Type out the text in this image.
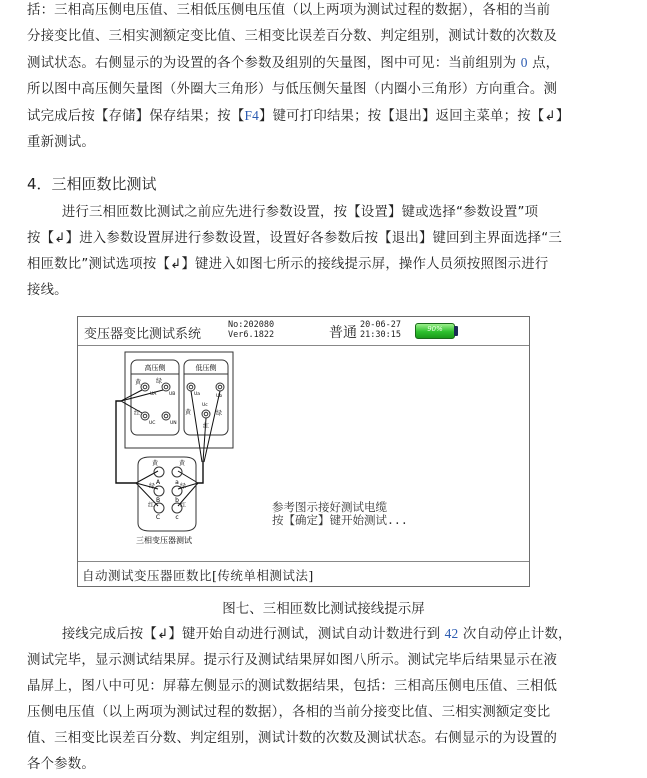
括：三相高压侧电压值、三相低压侧电压值（以上两项为测试过程的数据），各相的当前
分接变比值、三相实测额定变比值、三相变比误差百分数、判定组别，测试计数的次数及
测试状态。右侧显示的为设置的各个参数及组别的矢量图，图中可见：当前组别为 0 点，
所以图中高压侧矢量图（外圈大三角形）与低压侧矢量图（内圈小三角形）方向重合。测
试完成后按【存储】保存结果；按【F4】键可打印结果；按【退出】返回主菜单；按【↲】
重新测试。
4．三相匝数比测试
进行三相匝数比测试之前应先进行参数设置，按【设置】键或选择“参数设置”项
按【↲】进入参数设置屏进行参数设置，设置好各参数后按【退出】键回到主界面选择“三
相匝数比”测试选项按【↲】键进入如图七所示的接线提示屏，操作人员须按照图示进行
接线。
变压器变比测试系统
No:202080
Ver6.1822	普通 20-06-27
21:30:15
90%
高压侧	低压侧
UA	UB
UC	UN
黄 绿
红
Ua	Ub
Uc
黄	绿
红
A
黄
B
绿
C
红
a
黄
b
绿
c
红
三相变压器测试
参考图示接好测试电缆
按【确定】键开始测试...
自动测试变压器匝数比[传统单相测试法]
图七、三相匝数比测试接线提示屏
接线完成后按【↲】键开始自动进行测试，测试自动计数进行到 42 次自动停止计数，
测试完毕，显示测试结果屏。提示行及测试结果屏如图八所示。测试完毕后结果显示在液
晶屏上，图八中可见：屏幕左侧显示的测试数据结果，包括：三相高压侧电压值、三相低
压侧电压值（以上两项为测试过程的数据），各相的当前分接变比值、三相实测额定变比
值、三相变比误差百分数、判定组别，测试计数的次数及测试状态。右侧显示的为设置的
各个参数。
